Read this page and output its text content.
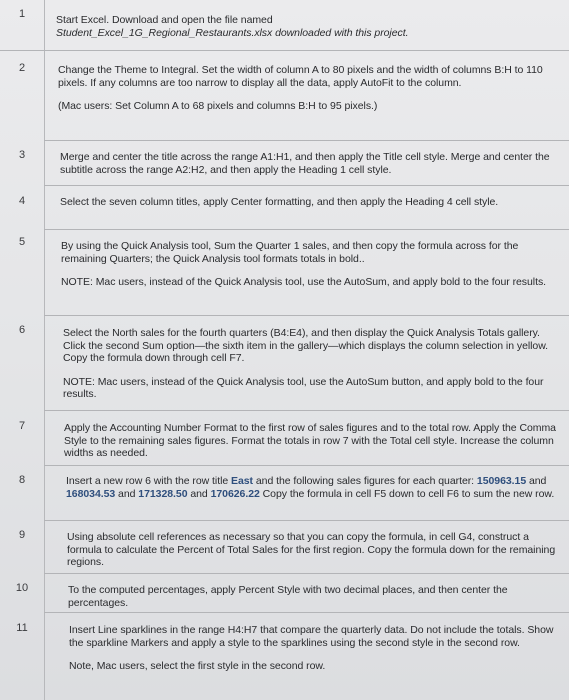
1	Start Excel. Download and open the file named

Student_Excel_1G_Regional_Restaurants.xlsx downloaded with this project.

2	Change the Theme to Integral. Set the width of column A to 80 pixels and the width of columns B:H to 110 pixels. If any columns are too narrow to display all the data, apply AutoFit to the column.

(Mac users: Set Column A to 68 pixels and columns B:H to 95 pixels.)

3	Merge and center the title across the range A1:H1, and then apply the Title cell style. Merge and center the subtitle across the range A2:H2, and then apply the Heading 1 cell style.

4	Select the seven column titles, apply Center formatting, and then apply the Heading 4 cell style.

5	By using the Quick Analysis tool, Sum the Quarter 1 sales, and then copy the formula across for the remaining Quarters; the Quick Analysis tool formats totals in bold..

NOTE: Mac users, instead of the Quick Analysis tool, use the AutoSum, and apply bold to the four results.

6	Select the North sales for the fourth quarters (B4:E4), and then display the Quick Analysis Totals gallery. Click the second Sum option—the sixth item in the gallery—which displays the column selection in yellow. Copy the formula down through cell F7.

NOTE: Mac users, instead of the Quick Analysis tool, use the AutoSum button, and apply bold to the four results.

7	Apply the Accounting Number Format to the first row of sales figures and to the total row. Apply the Comma Style to the remaining sales figures. Format the totals in row 7 with the Total cell style. Increase the column widths as needed.

8	Insert a new row 6 with the row title East and the following sales figures for each quarter: 150963.15 and 168034.53 and 171328.50 and 170626.22 Copy the formula in cell F5 down to cell F6 to sum the new row.

9	Using absolute cell references as necessary so that you can copy the formula, in cell G4, construct a formula to calculate the Percent of Total Sales for the first region. Copy the formula down for the remaining regions.

10	To the computed percentages, apply Percent Style with two decimal places, and then center the percentages.

11	Insert Line sparklines in the range H4:H7 that compare the quarterly data. Do not include the totals. Show the sparkline Markers and apply a style to the sparklines using the second style in the second row.

Note, Mac users, select the first style in the second row.
